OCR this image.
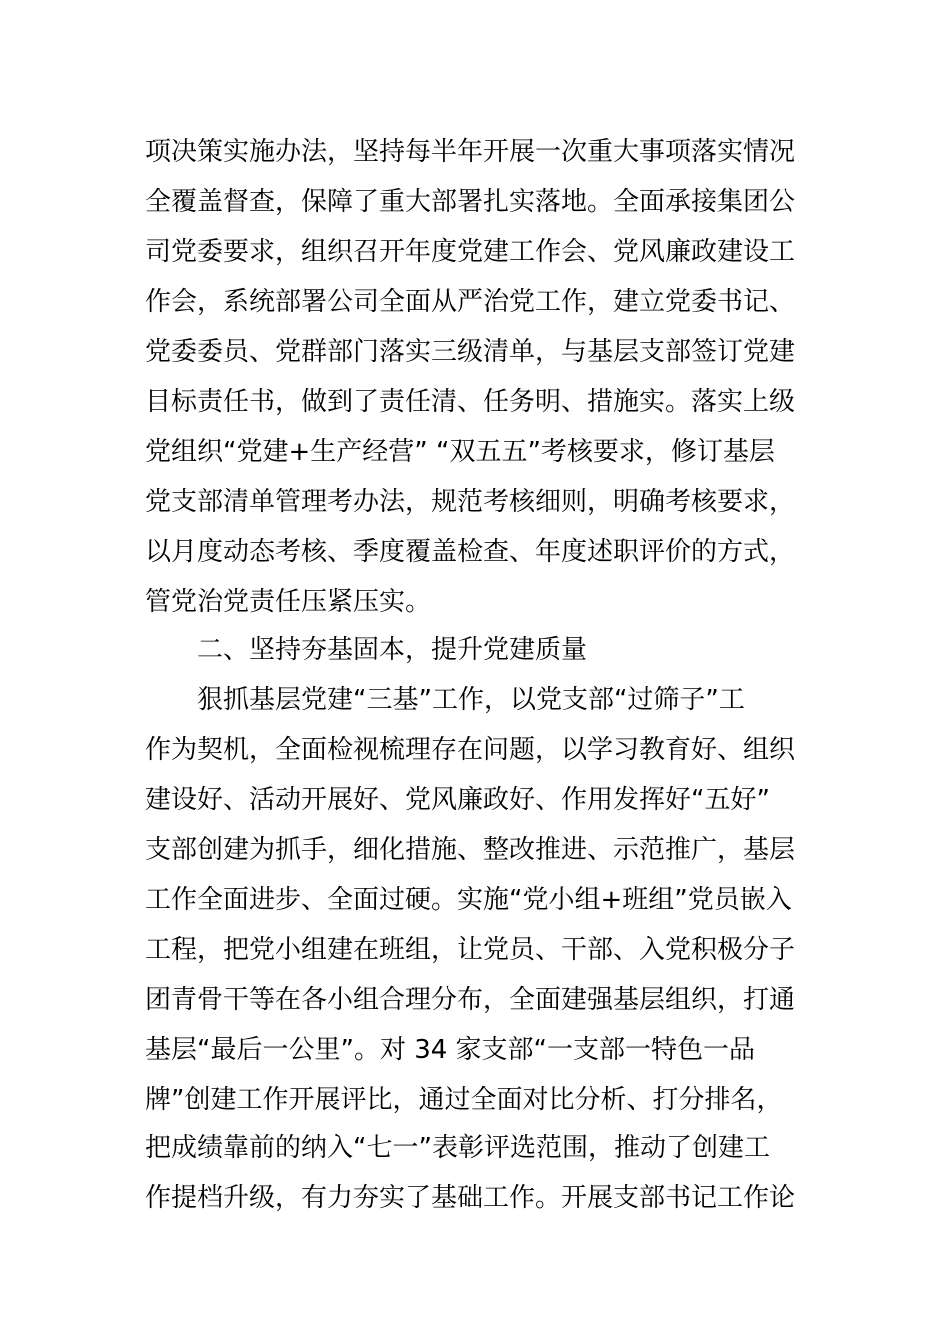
项决策实施办法，坚持每半年开展一次重大事项落实情况
全覆盖督查，保障了重大部署扎实落地。全面承接集团公
司党委要求，组织召开年度党建工作会、党风廉政建设工
作会，系统部署公司全面从严治党工作，建立党委书记、
党委委员、党群部门落实三级清单，与基层支部签订党建
目标责任书，做到了责任清、任务明、措施实。落实上级
党组织“党建+生产经营” “双五五”考核要求，修订基层
党支部清单管理考办法，规范考核细则，明确考核要求，
以月度动态考核、季度覆盖检查、年度述职评价的方式，
管党治党责任压紧压实。
二、坚持夯基固本，提升党建质量
狠抓基层党建“三基”工作，以党支部“过筛子”工
作为契机，全面检视梳理存在问题，以学习教育好、组织
建设好、活动开展好、党风廉政好、作用发挥好“五好”
支部创建为抓手，细化措施、整改推进、示范推广，基层
工作全面进步、全面过硬。实施“党小组+班组”党员嵌入
工程，把党小组建在班组，让党员、干部、入党积极分子
团青骨干等在各小组合理分布，全面建强基层组织，打通
基层“最后一公里”。对 34 家支部“一支部一特色一品
牌”创建工作开展评比，通过全面对比分析、打分排名，
把成绩靠前的纳入“七一”表彰评选范围，推动了创建工
作提档升级，有力夯实了基础工作。开展支部书记工作论
